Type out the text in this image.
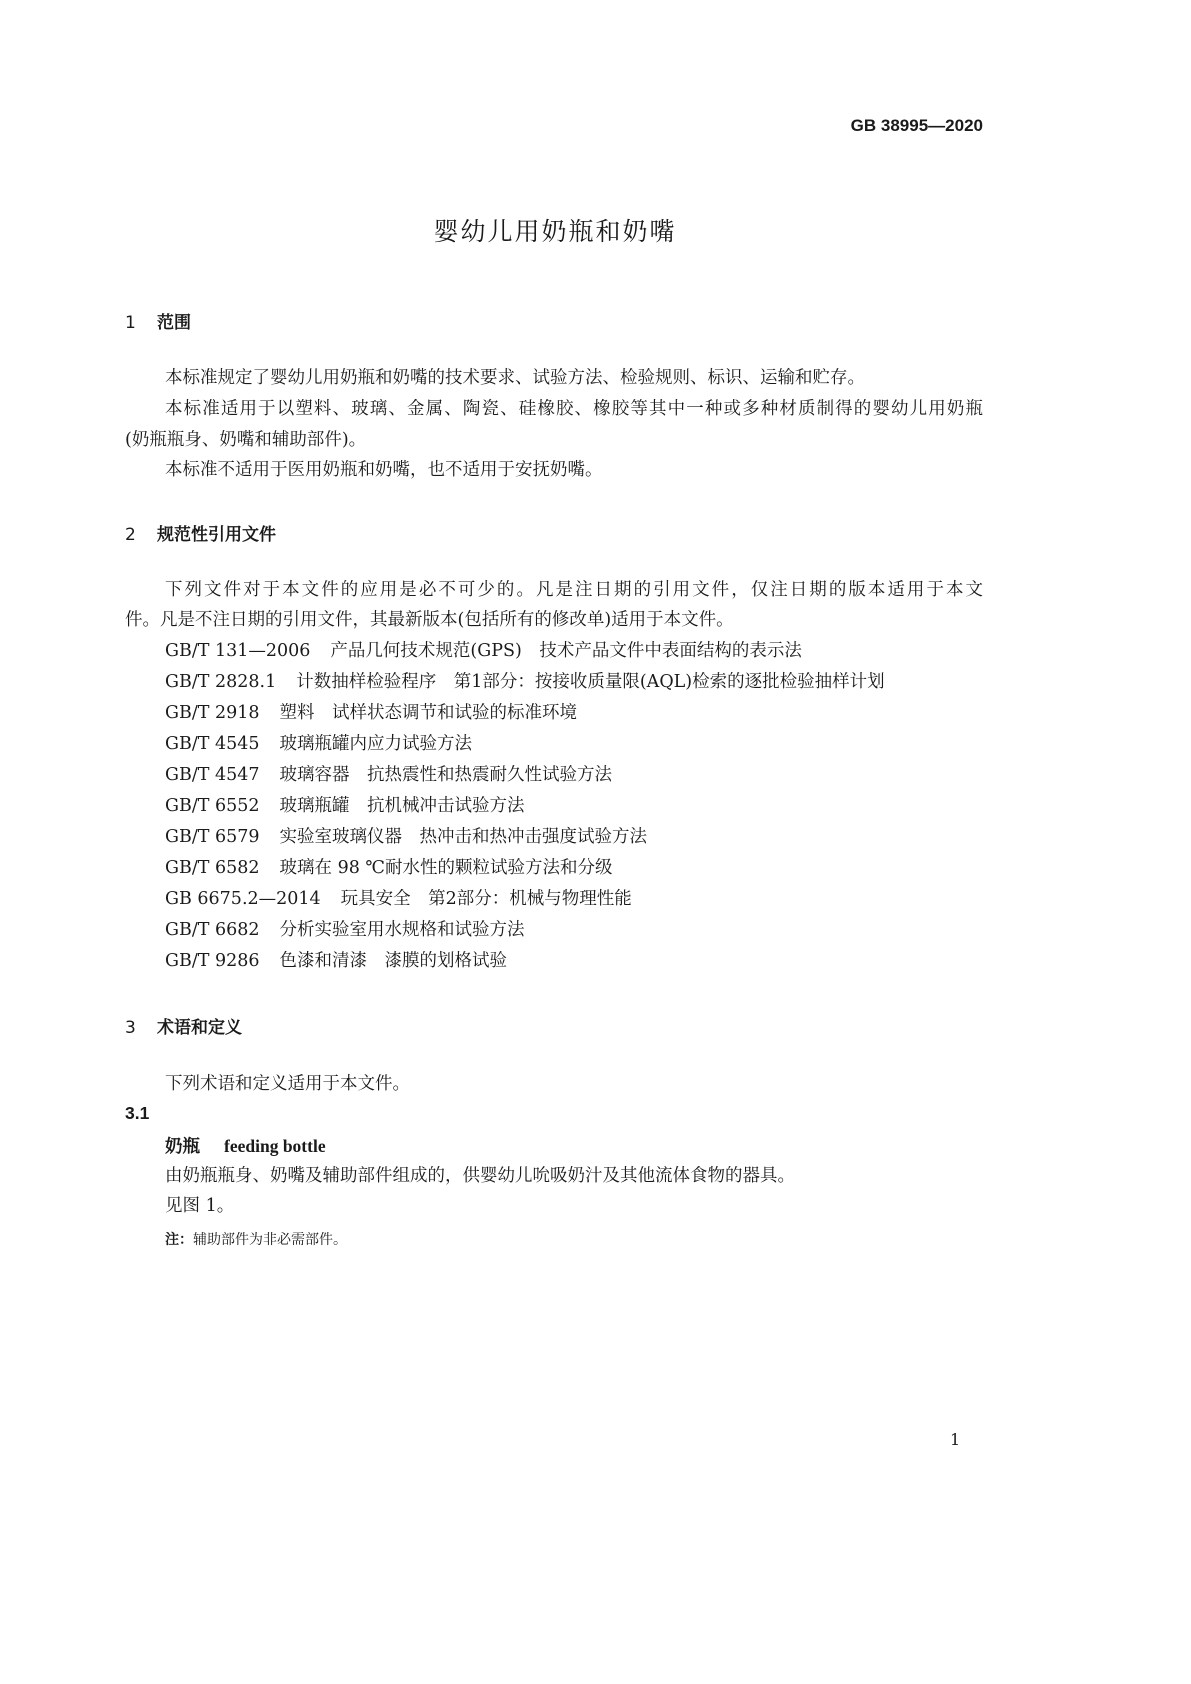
GB 38995—2020
婴幼儿用奶瓶和奶嘴
1 范围
本标准规定了婴幼儿用奶瓶和奶嘴的技术要求、试验方法、检验规则、标识、运输和贮存。
本标准适用于以塑料、玻璃、金属、陶瓷、硅橡胶、橡胶等其中一种或多种材质制得的婴幼儿用奶瓶
(奶瓶瓶身、奶嘴和辅助部件)。
本标准不适用于医用奶瓶和奶嘴，也不适用于安抚奶嘴。
2 规范性引用文件
下列文件对于本文件的应用是必不可少的。凡是注日期的引用文件，仅注日期的版本适用于本文
件。凡是不注日期的引用文件，其最新版本(包括所有的修改单)适用于本文件。
GB/T 131—2006 产品几何技术规范(GPS)　技术产品文件中表面结构的表示法
GB/T 2828.1 计数抽样检验程序　第1部分：按接收质量限(AQL)检索的逐批检验抽样计划
GB/T 2918 塑料　试样状态调节和试验的标准环境
GB/T 4545 玻璃瓶罐内应力试验方法
GB/T 4547 玻璃容器　抗热震性和热震耐久性试验方法
GB/T 6552 玻璃瓶罐　抗机械冲击试验方法
GB/T 6579 实验室玻璃仪器　热冲击和热冲击强度试验方法
GB/T 6582 玻璃在 98 ℃耐水性的颗粒试验方法和分级
GB 6675.2—2014 玩具安全　第2部分：机械与物理性能
GB/T 6682 分析实验室用水规格和试验方法
GB/T 9286 色漆和清漆　漆膜的划格试验
3 术语和定义
下列术语和定义适用于本文件。
3.1
奶瓶 feeding bottle
由奶瓶瓶身、奶嘴及辅助部件组成的，供婴幼儿吮吸奶汁及其他流体食物的器具。
见图 1。
注：辅助部件为非必需部件。
1
